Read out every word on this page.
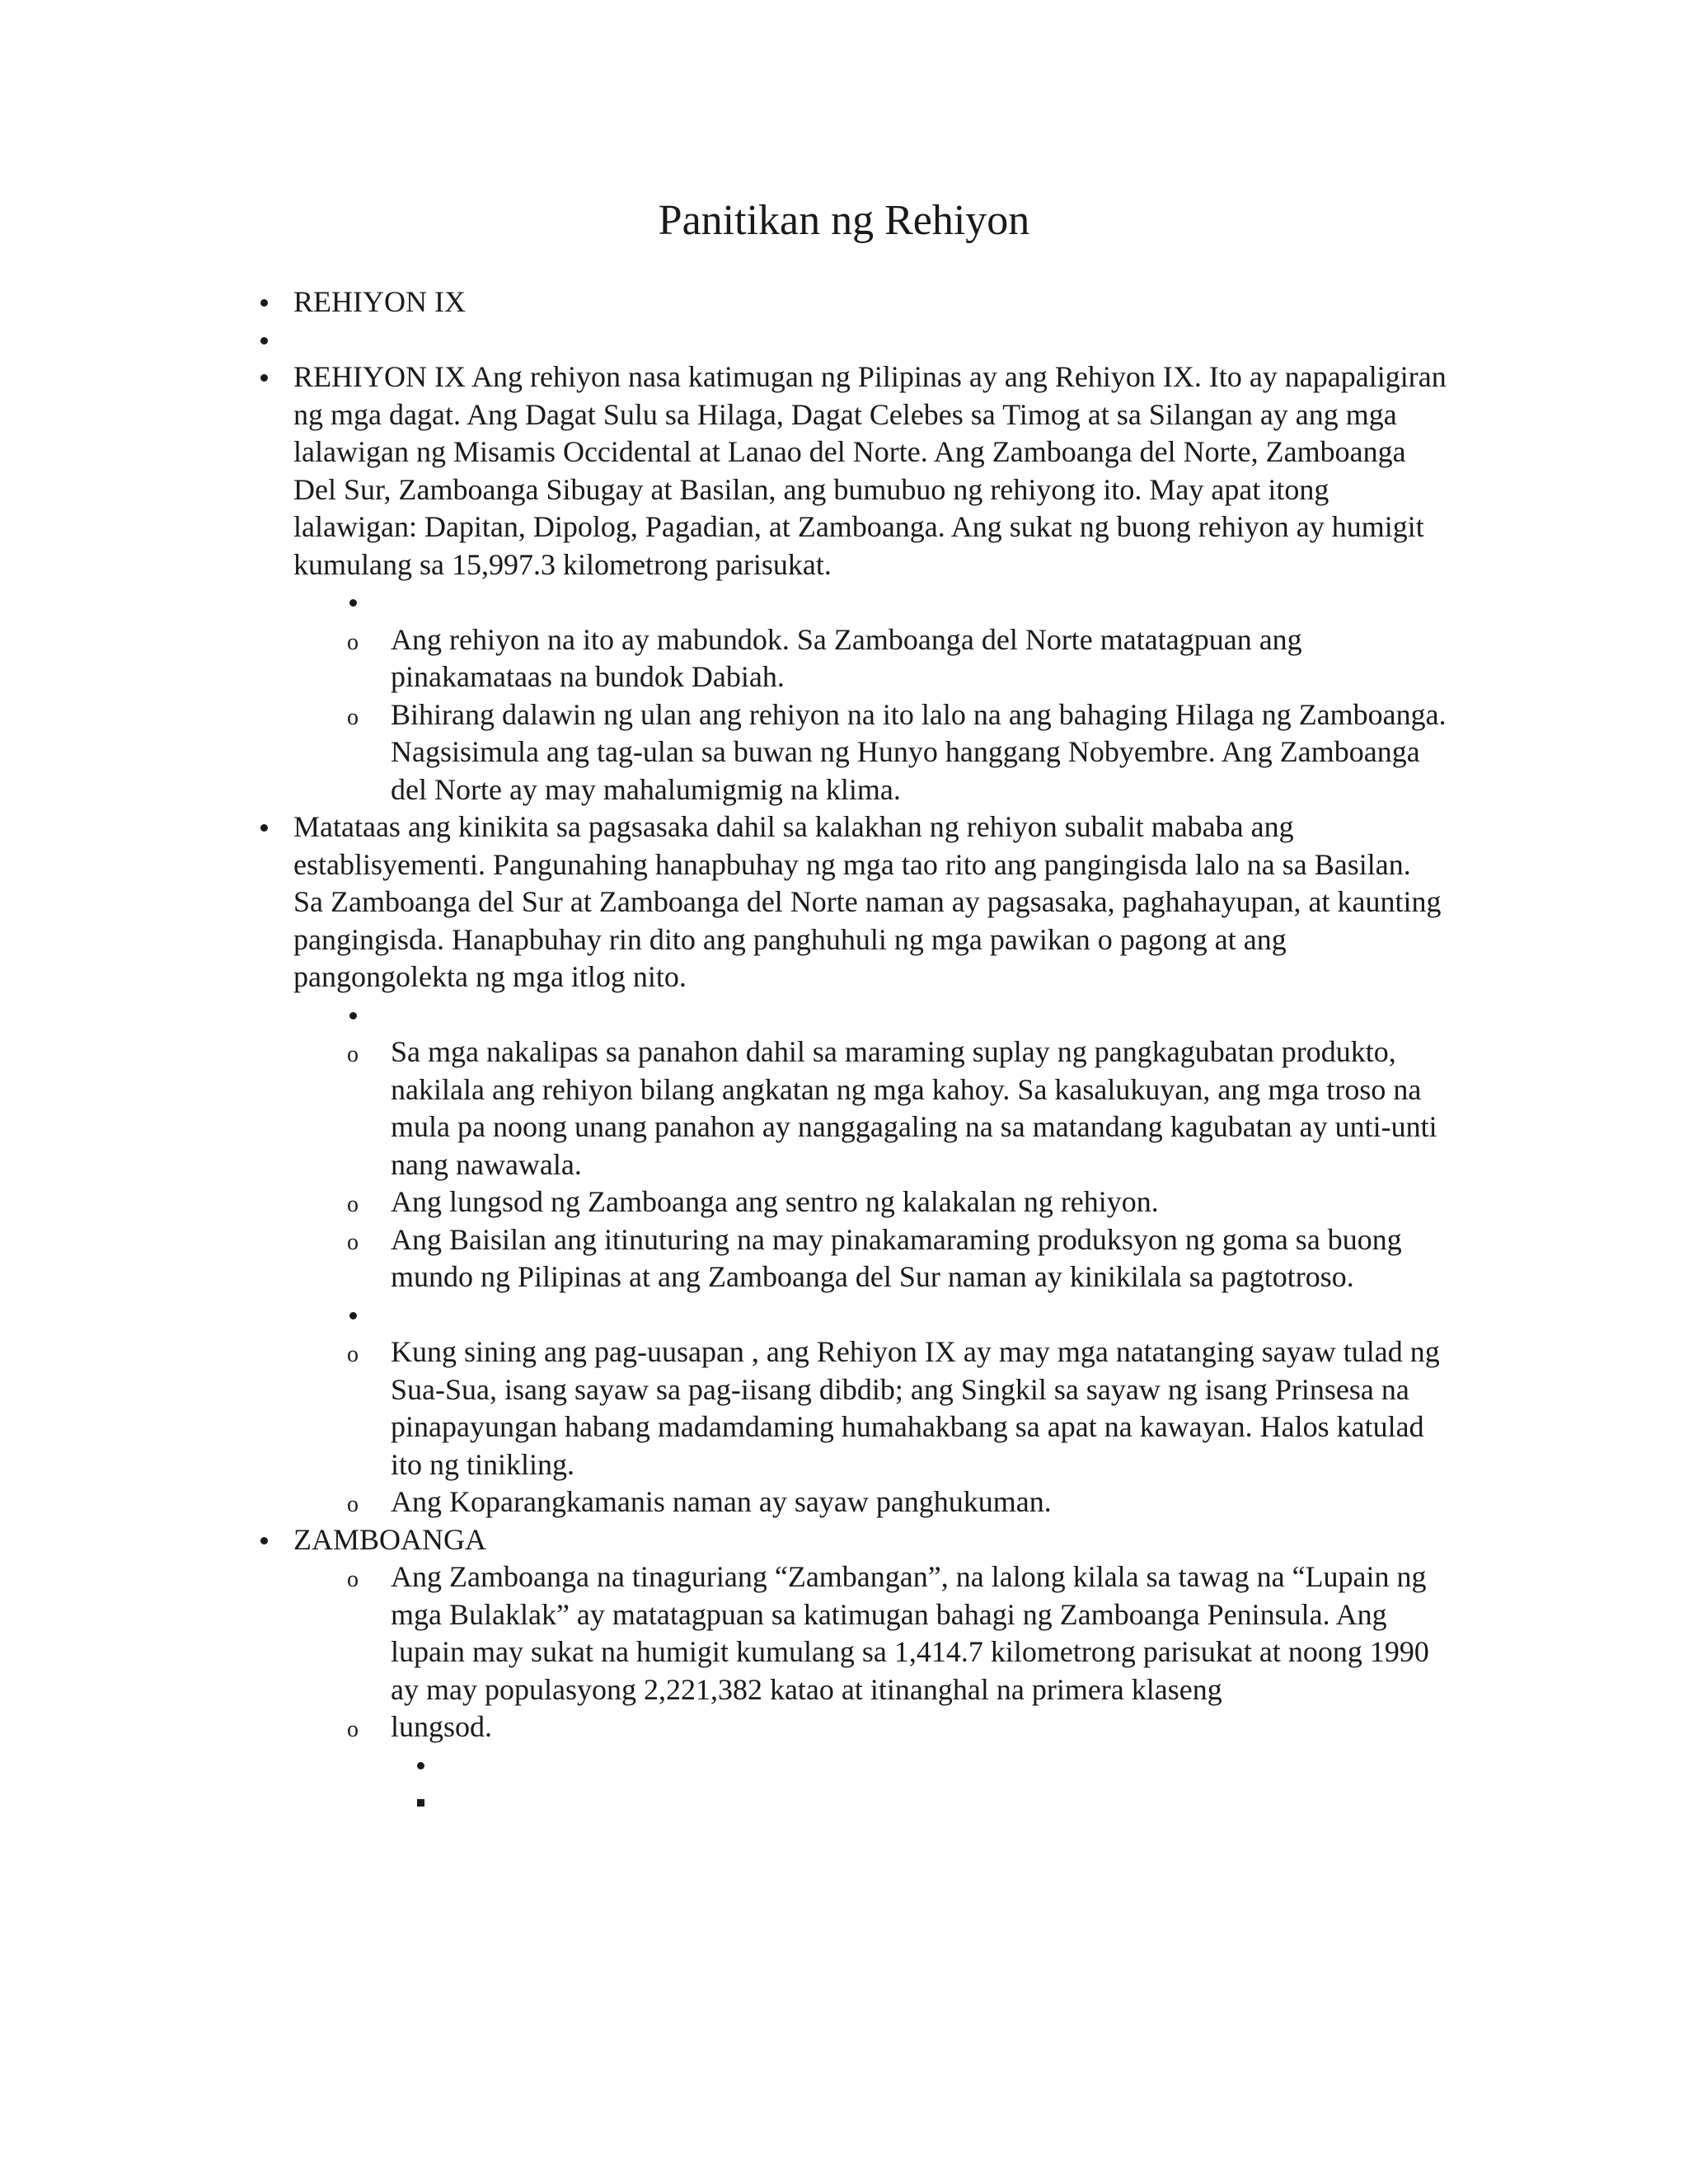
Panitikan ng Rehiyon
REHIYON IX
REHIYON IX Ang rehiyon nasa katimugan ng Pilipinas ay ang Rehiyon IX. Ito ay napapaligiran ng mga dagat. Ang Dagat Sulu sa Hilaga, Dagat Celebes sa Timog at sa Silangan ay ang mga lalawigan ng Misamis Occidental at Lanao del Norte. Ang Zamboanga del Norte, Zamboanga Del Sur, Zamboanga Sibugay at Basilan, ang bumubuo ng rehiyong ito. May apat itong lalawigan: Dapitan, Dipolog, Pagadian, at Zamboanga. Ang sukat ng buong rehiyon ay humigit kumulang sa 15,997.3 kilometrong parisukat.
o
Ang rehiyon na ito ay mabundok. Sa Zamboanga del Norte matatagpuan ang pinakamataas na bundok Dabiah.
o
Bihirang dalawin ng ulan ang rehiyon na ito lalo na ang bahaging Hilaga ng Zamboanga. Nagsisimula ang tag-ulan sa buwan ng Hunyo hanggang Nobyembre. Ang Zamboanga del Norte ay may mahalumigmig na klima.
Matataas ang kinikita sa pagsasaka dahil sa kalakhan ng rehiyon subalit mababa ang establisyementi. Pangunahing hanapbuhay ng mga tao rito ang pangingisda lalo na sa Basilan. Sa Zamboanga del Sur at Zamboanga del Norte naman ay pagsasaka, paghahayupan, at kaunting pangingisda. Hanapbuhay rin dito ang panghuhuli ng mga pawikan o pagong at ang pangongolekta ng mga itlog nito.
o
Sa mga nakalipas sa panahon dahil sa maraming suplay ng pangkagubatan produkto, nakilala ang rehiyon bilang angkatan ng mga kahoy. Sa kasalukuyan, ang mga troso na mula pa noong unang panahon ay nanggagaling na sa matandang kagubatan ay unti-unti nang nawawala.
o
Ang lungsod ng Zamboanga ang sentro ng kalakalan ng rehiyon.
o
Ang Baisilan ang itinuturing na may pinakamaraming produksyon ng goma sa buong mundo ng Pilipinas at ang Zamboanga del Sur naman ay kinikilala sa pagtotroso.
o
Kung sining ang pag-uusapan , ang Rehiyon IX ay may mga natatanging sayaw tulad ng Sua-Sua, isang sayaw sa pag-iisang dibdib; ang Singkil sa sayaw ng isang Prinsesa na pinapayungan habang madamdaming humahakbang sa apat na kawayan. Halos katulad ito ng tinikling.
o
Ang Koparangkamanis naman ay sayaw panghukuman.
ZAMBOANGA
o
Ang Zamboanga na tinaguriang “Zambangan”, na lalong kilala sa tawag na “Lupain ng mga Bulaklak” ay matatagpuan sa katimugan bahagi ng Zamboanga Peninsula. Ang lupain may sukat na humigit kumulang sa 1,414.7 kilometrong parisukat at noong 1990 ay may populasyong 2,221,382 katao at itinanghal na primera klaseng
o
lungsod.
